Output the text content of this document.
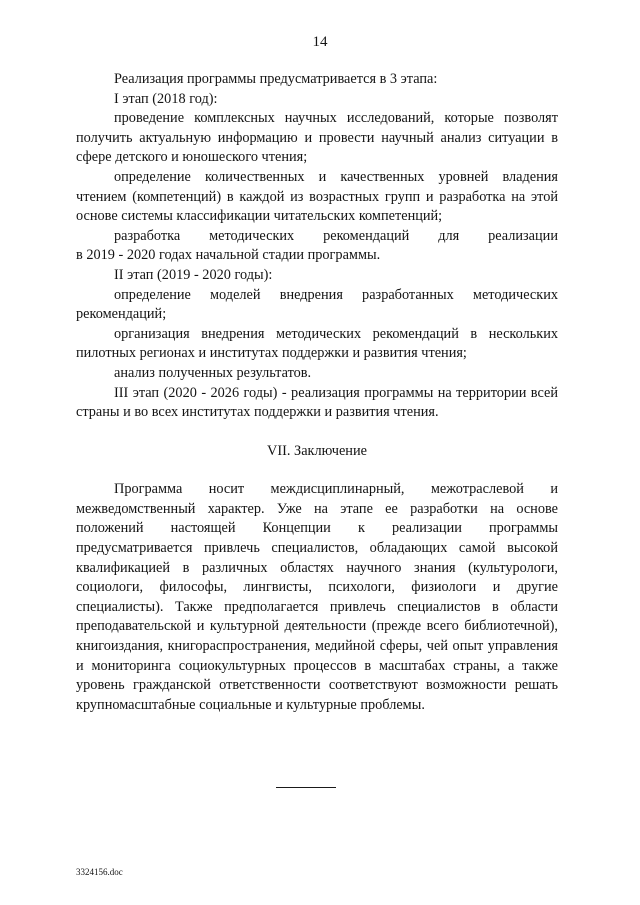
14

Реализация программы предусматривается в 3 этапа:

I этап (2018 год):

проведение комплексных научных исследований, которые позволят получить актуальную информацию и провести научный анализ ситуации в сфере детского и юношеского чтения;

определение количественных и качественных уровней владения чтением (компетенций) в каждой из возрастных групп и разработка на этой основе системы классификации читательских компетенций;

разработка методических рекомендаций для реализации

в 2019 - 2020 годах начальной стадии программы.

II этап (2019 - 2020 годы):

определение моделей внедрения разработанных методических рекомендаций;

организация внедрения методических рекомендаций в нескольких пилотных регионах и институтах поддержки и развития чтения;

анализ полученных результатов.

III этап (2020 - 2026 годы) - реализация программы на территории всей страны и во всех институтах поддержки и развития чтения.

VII. Заключение

Программа носит междисциплинарный, межотраслевой и межведомственный характер. Уже на этапе ее разработки на основе положений настоящей Концепции к реализации программы предусматривается привлечь специалистов, обладающих самой высокой квалификацией в различных областях научного знания (культурологи, социологи, философы, лингвисты, психологи, физиологи и другие специалисты). Также предполагается привлечь специалистов в области преподавательской и культурной деятельности (прежде всего библиотечной), книгоиздания, книгораспространения, медийной сферы, чей опыт управления и мониторинга социокультурных процессов в масштабах страны, а также уровень гражданской ответственности соответствуют возможности решать крупномасштабные социальные и культурные проблемы.

3324156.doc
